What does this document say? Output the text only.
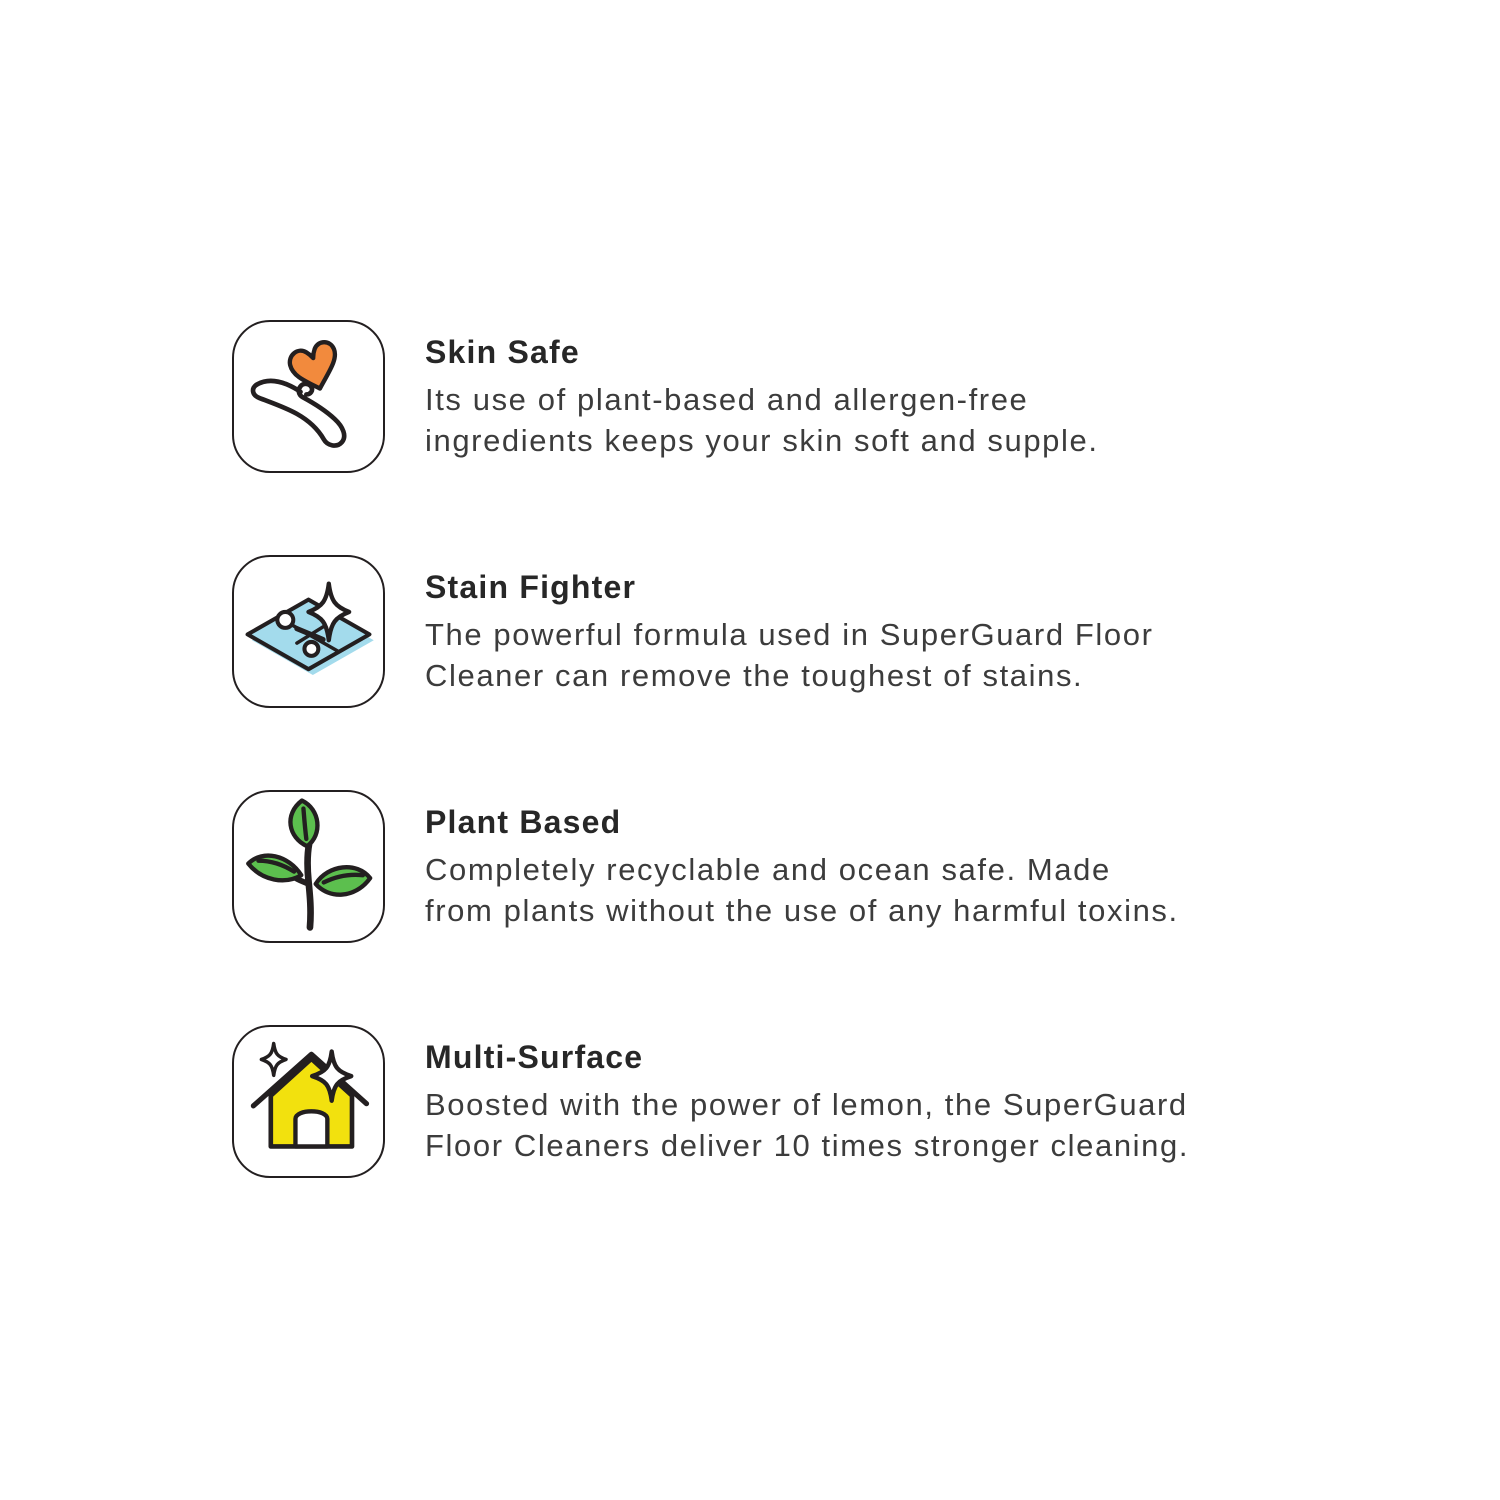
Skin Safe
Its use of plant-based and allergen-free
ingredients keeps your skin soft and supple.
Stain Fighter
The powerful formula used in SuperGuard Floor
Cleaner can remove the toughest of stains.
Plant Based
Completely recyclable and ocean safe. Made
from plants without the use of any harmful toxins.
Multi-Surface
Boosted with the power of lemon, the SuperGuard
Floor Cleaners deliver 10 times stronger cleaning.
